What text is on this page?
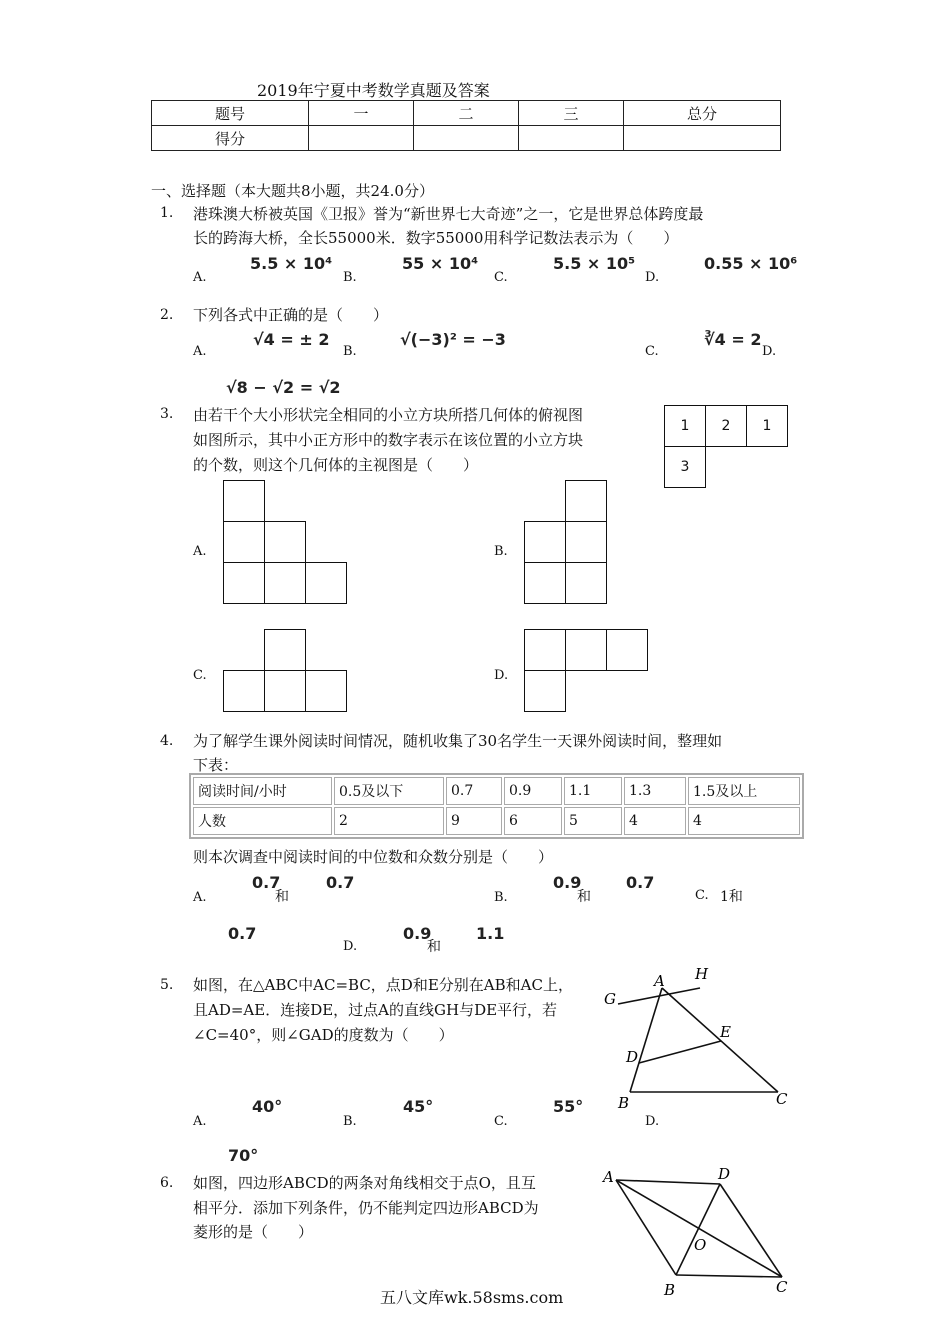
2019年宁夏中考数学真题及答案
题号	一	二	三	总分
得分				
一、选择题（本大题共8小题，共24.0分）
1. 港珠澳大桥被英国《卫报》誉为“新世界七大奇迹”之一，它是世界总体跨度最
长的跨海大桥，全长55000米．数字55000用科学记数法表示为（　　）
A.
5.5 × 10⁴
B.
55 × 10⁴
C.
5.5 × 10⁵
D.
0.55 × 10⁶
2. 下列各式中正确的是（　　）
A.
√4 = ± 2
B.
√(−3)² = −3
C.
∛4 = 2
D.
√8 − √2 = √2
3. 由若干个大小形状完全相同的小立方块所搭几何体的俯视图
如图所示，其中小正方形中的数字表示在该位置的小立方块
的个数，则这个几何体的主视图是（　　）
1	2	1
3
A.	B.
C.	D.
4. 为了解学生课外阅读时间情况，随机收集了30名学生一天课外阅读时间，整理如
下表：
阅读时间/小时	0.5及以下	0.7	0.9	1.1	1.3	1.5及以上
人数	2	9	6	5	4	4
则本次调查中阅读时间的中位数和众数分别是（　　）
A.
0.7
和
0.7
B.
0.9
和
0.7
C. 1和
0.7
D.
0.9
和
1.1
5. 如图，在△ABC中AC=BC，点D和E分别在AB和AC上，
且AD=AE．连接DE，过点A的直线GH与DE平行，若
∠C=40°，则∠GAD的度数为（　　）
A H
G
E
D
B	C
A.
40°
B.
45°
C.
55°
D.
70°
6. 如图，四边形ABCD的两条对角线相交于点O，且互
相平分．添加下列条件，仍不能判定四边形ABCD为
菱形的是（　　）
A	D
O
B	C
五八文库wk.58sms.com
